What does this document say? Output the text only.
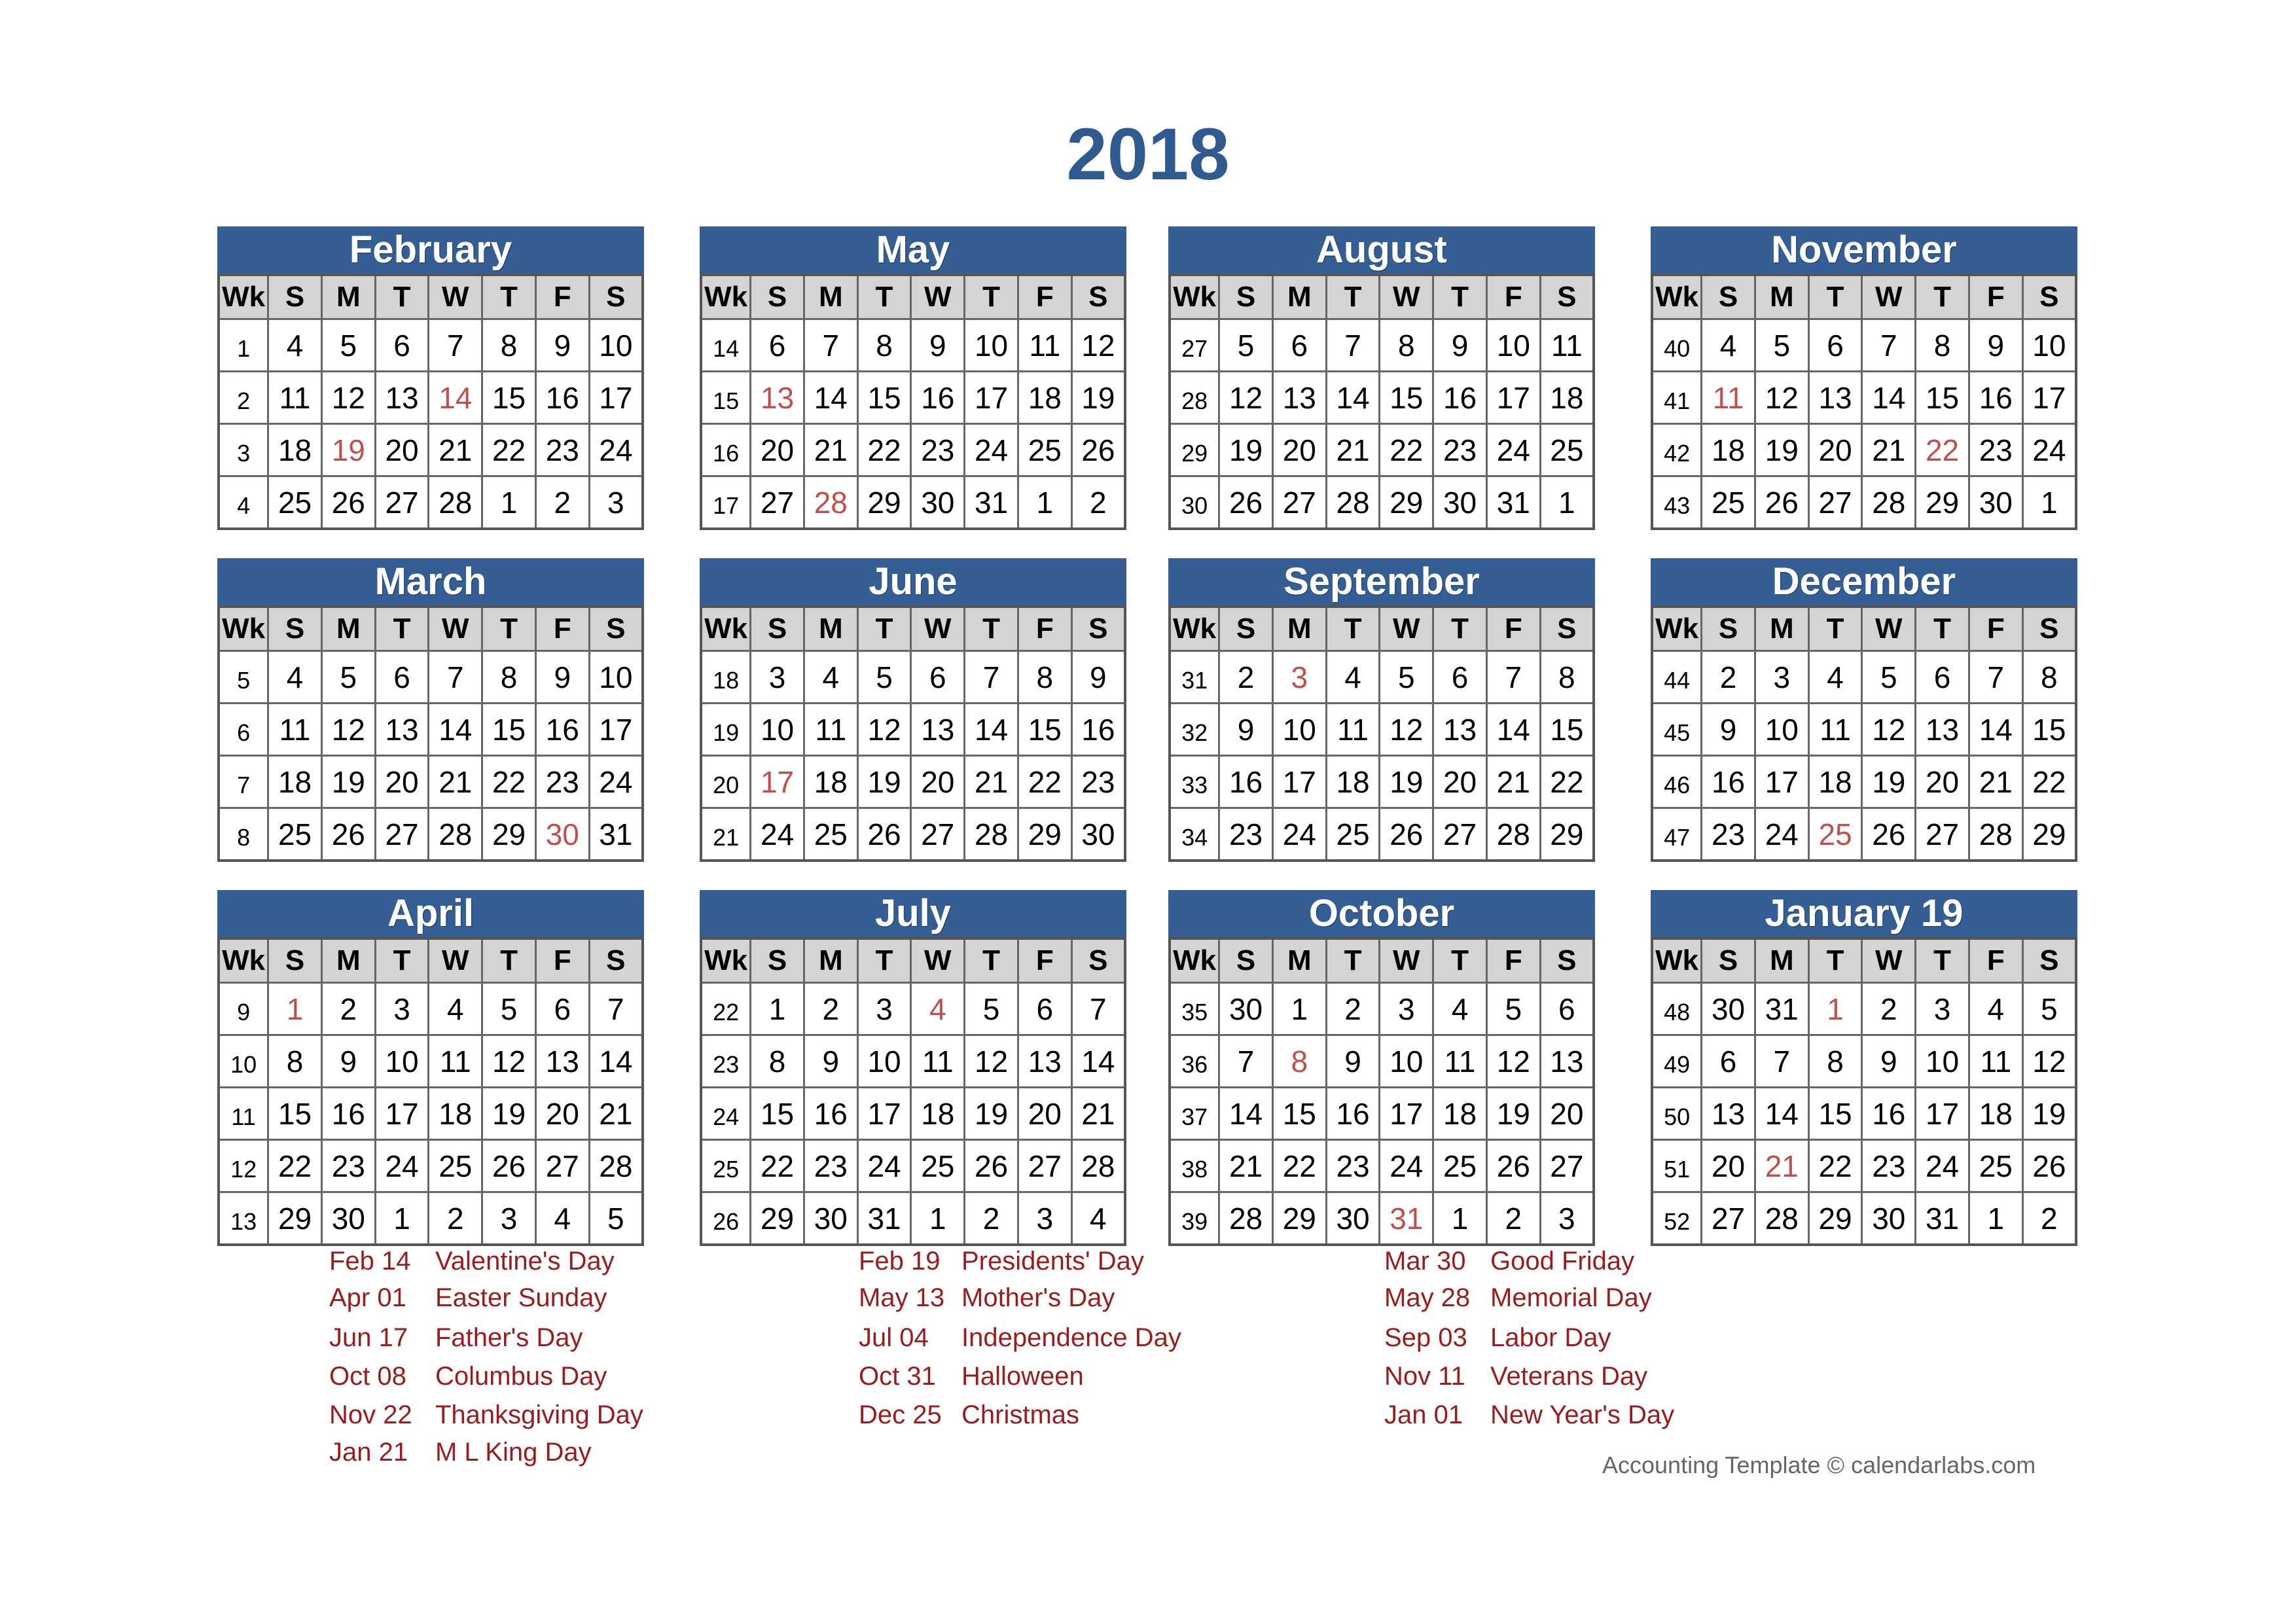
2018
February
Wk	S	M	T	W	T	F	S
1	4	5	6	7	8	9	10
2	11	12	13	14	15	16	17
3	18	19	20	21	22	23	24
4	25	26	27	28	1	2	3
May
Wk	S	M	T	W	T	F	S
14	6	7	8	9	10	11	12
15	13	14	15	16	17	18	19
16	20	21	22	23	24	25	26
17	27	28	29	30	31	1	2
August
Wk	S	M	T	W	T	F	S
27	5	6	7	8	9	10	11
28	12	13	14	15	16	17	18
29	19	20	21	22	23	24	25
30	26	27	28	29	30	31	1
November
Wk	S	M	T	W	T	F	S
40	4	5	6	7	8	9	10
41	11	12	13	14	15	16	17
42	18	19	20	21	22	23	24
43	25	26	27	28	29	30	1
March
Wk	S	M	T	W	T	F	S
5	4	5	6	7	8	9	10
6	11	12	13	14	15	16	17
7	18	19	20	21	22	23	24
8	25	26	27	28	29	30	31
June
Wk	S	M	T	W	T	F	S
18	3	4	5	6	7	8	9
19	10	11	12	13	14	15	16
20	17	18	19	20	21	22	23
21	24	25	26	27	28	29	30
September
Wk	S	M	T	W	T	F	S
31	2	3	4	5	6	7	8
32	9	10	11	12	13	14	15
33	16	17	18	19	20	21	22
34	23	24	25	26	27	28	29
December
Wk	S	M	T	W	T	F	S
44	2	3	4	5	6	7	8
45	9	10	11	12	13	14	15
46	16	17	18	19	20	21	22
47	23	24	25	26	27	28	29
April
Wk	S	M	T	W	T	F	S
9	1	2	3	4	5	6	7
10	8	9	10	11	12	13	14
11	15	16	17	18	19	20	21
12	22	23	24	25	26	27	28
13	29	30	1	2	3	4	5
July
Wk	S	M	T	W	T	F	S
22	1	2	3	4	5	6	7
23	8	9	10	11	12	13	14
24	15	16	17	18	19	20	21
25	22	23	24	25	26	27	28
26	29	30	31	1	2	3	4
October
Wk	S	M	T	W	T	F	S
35	30	1	2	3	4	5	6
36	7	8	9	10	11	12	13
37	14	15	16	17	18	19	20
38	21	22	23	24	25	26	27
39	28	29	30	31	1	2	3
January 19
Wk	S	M	T	W	T	F	S
48	30	31	1	2	3	4	5
49	6	7	8	9	10	11	12
50	13	14	15	16	17	18	19
51	20	21	22	23	24	25	26
52	27	28	29	30	31	1	2
Feb 14 Valentine's Day
Apr 01 Easter Sunday
Jun 17 Father's Day
Oct 08 Columbus Day
Nov 22 Thanksgiving Day
Jan 21 M L King Day
Feb 19 Presidents' Day
May 13 Mother's Day
Jul 04 Independence Day
Oct 31 Halloween
Dec 25 Christmas
Mar 30 Good Friday
May 28 Memorial Day
Sep 03 Labor Day
Nov 11 Veterans Day
Jan 01 New Year's Day
Accounting Template © calendarlabs.com
